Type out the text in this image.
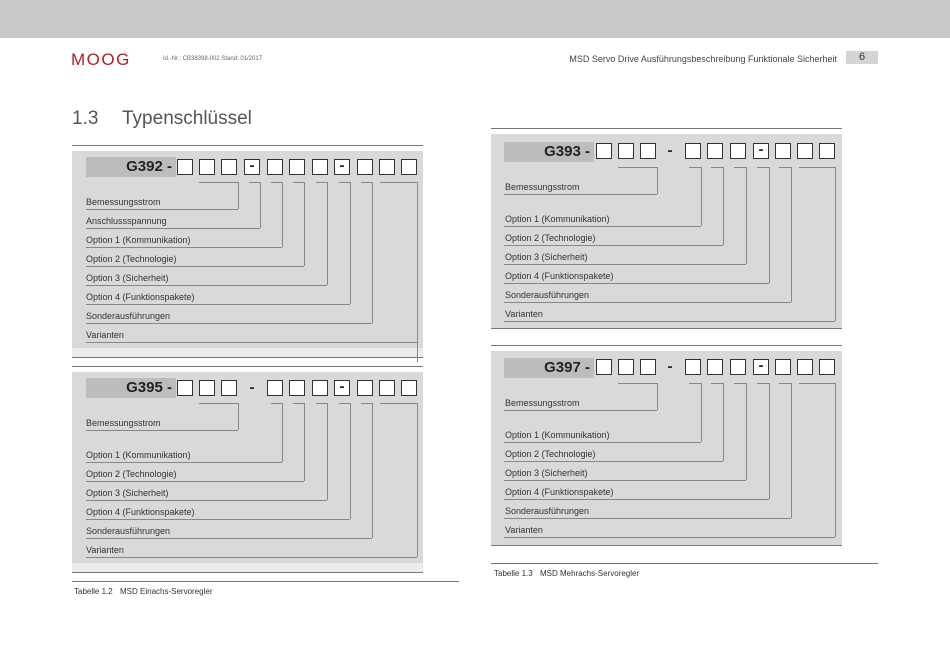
MOOG	Id.-Nr.: CB38398-002 Stand: 01/2017	MSD Servo Drive Ausführungsbeschreibung Funktionale Sicherheit	6
1.3 Typenschlüssel
G392 -	-	-
Bemessungsstrom
Anschlussspannung
Option 1 (Kommunikation)
Option 2 (Technologie)
Option 3 (Sicherheit)
Option 4 (Funktionspakete)
Sonderausführungen
Varianten
G395 -	-	-
Bemessungsstrom
Option 1 (Kommunikation)
Option 2 (Technologie)
Option 3 (Sicherheit)
Option 4 (Funktionspakete)
Sonderausführungen
Varianten
Tabelle 1.2 MSD Einachs-Servoregler
G393 -	-	-
Bemessungsstrom
Option 1 (Kommunikation)
Option 2 (Technologie)
Option 3 (Sicherheit)
Option 4 (Funktionspakete)
Sonderausführungen
Varianten
G397 -	-	-
Bemessungsstrom
Option 1 (Kommunikation)
Option 2 (Technologie)
Option 3 (Sicherheit)
Option 4 (Funktionspakete)
Sonderausführungen
Varianten
Tabelle 1.3 MSD Mehrachs-Servoregler
